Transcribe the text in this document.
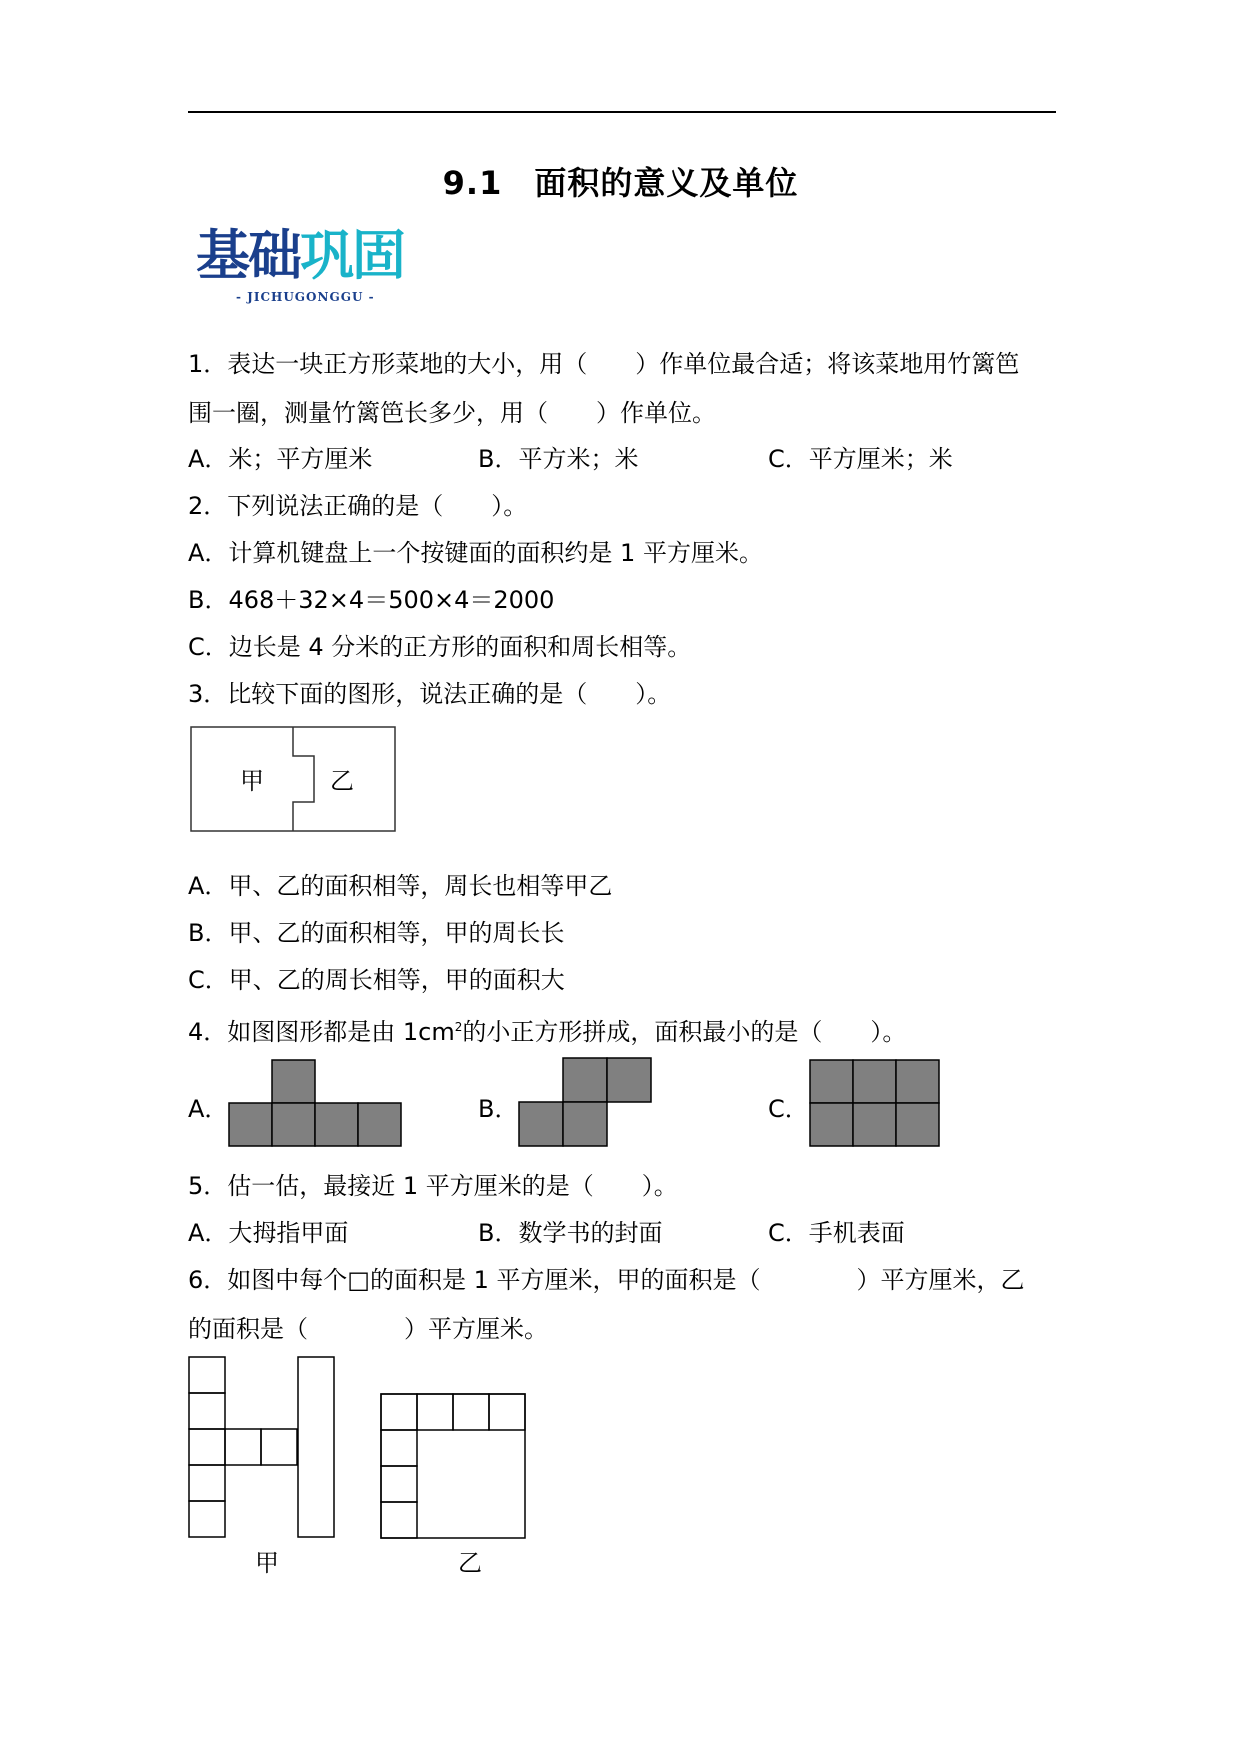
9.1 面积的意义及单位
基础巩固
- JICHUGONGGU -
1．表达一块正方形菜地的大小，用（　　）作单位最合适；将该菜地用竹篱笆
围一圈，测量竹篱笆长多少，用（　　）作单位。
A．米；平方厘米	B．平方米；米	C．平方厘米；米
2．下列说法正确的是（　　）。
A．计算机键盘上一个按键面的面积约是 1 平方厘米。
B．468＋32×4＝500×4＝2000
C．边长是 4 分米的正方形的面积和周长相等。
3．比较下面的图形，说法正确的是（　　）。
甲	乙
A．甲、乙的面积相等，周长也相等甲乙
B．甲、乙的面积相等，甲的周长长
C．甲、乙的周长相等，甲的面积大
4．如图图形都是由 $1cm^2$的小正方形拼成，面积最小的是（　　）。
A．	B．	C．
5．估一估，最接近 1 平方厘米的是（　　）。
A．大拇指甲面	B．数学书的封面	C．手机表面
6．如图中每个□的面积是 1 平方厘米，甲的面积是（　　　　）平方厘米，乙
的面积是（　　　　）平方厘米。
甲	乙
